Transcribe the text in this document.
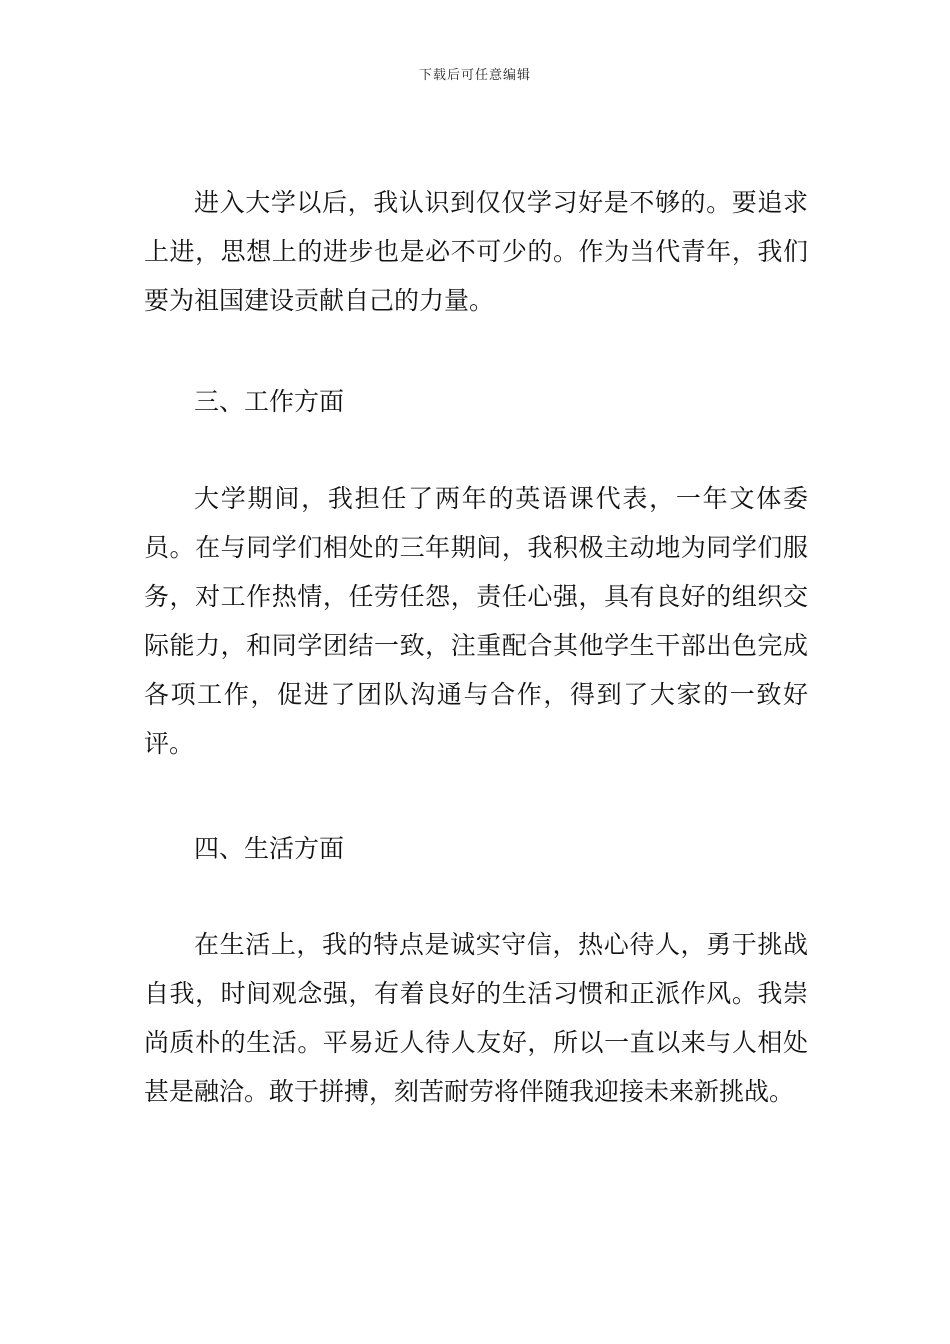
下载后可任意编辑

进入大学以后，我认识到仅仅学习好是不够的。要追求上进，思想上的进步也是必不可少的。作为当代青年，我们要为祖国建设贡献自己的力量。

三、工作方面

大学期间，我担任了两年的英语课代表，一年文体委员。在与同学们相处的三年期间，我积极主动地为同学们服务，对工作热情，任劳任怨，责任心强，具有良好的组织交际能力，和同学团结一致，注重配合其他学生干部出色完成各项工作，促进了团队沟通与合作，得到了大家的一致好评。

四、生活方面

在生活上，我的特点是诚实守信，热心待人，勇于挑战自我，时间观念强，有着良好的生活习惯和正派作风。我崇尚质朴的生活。平易近人待人友好，所以一直以来与人相处甚是融洽。敢于拼搏，刻苦耐劳将伴随我迎接未来新挑战。
